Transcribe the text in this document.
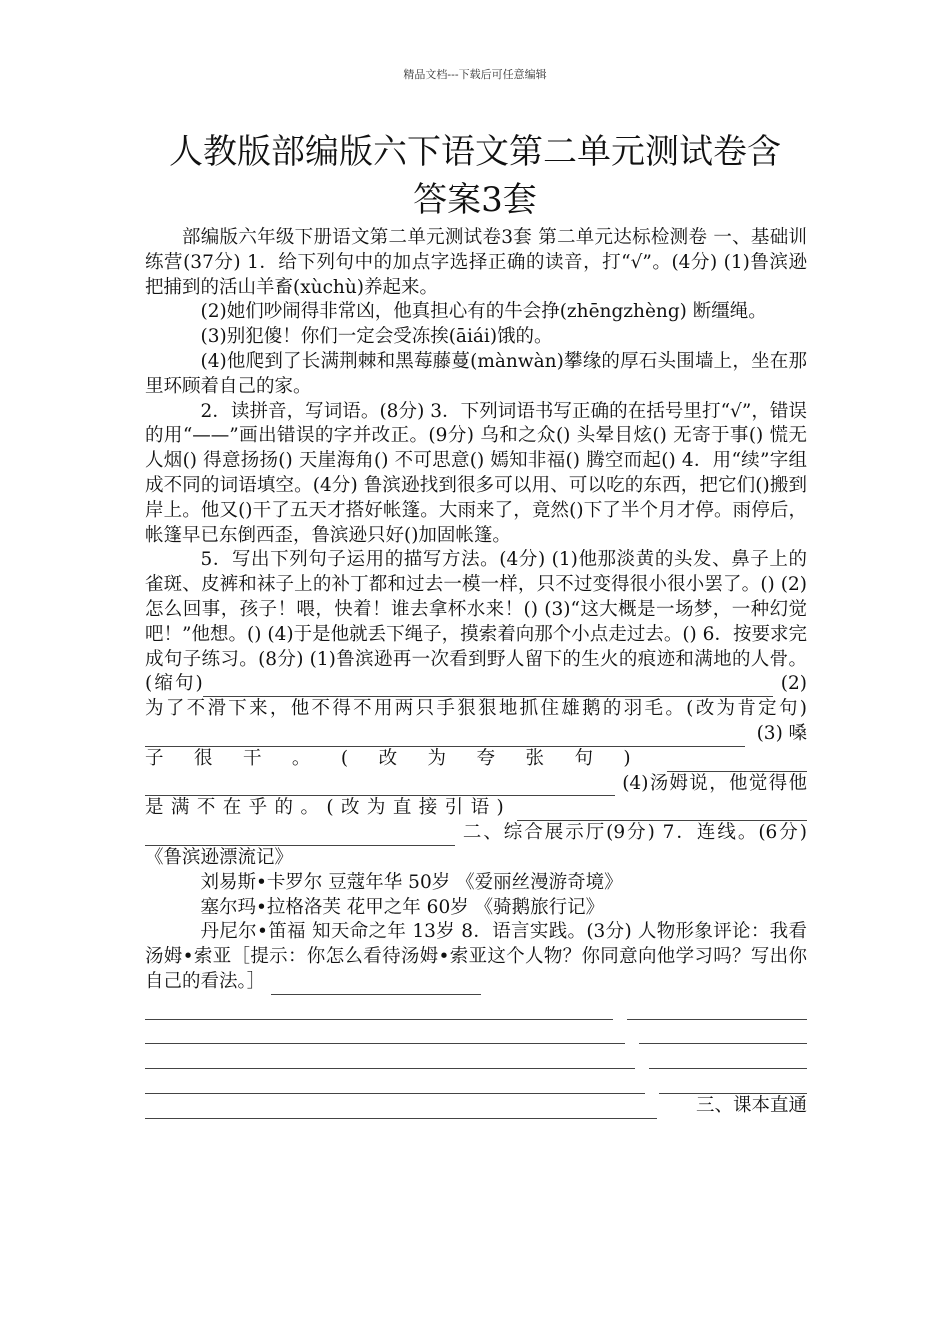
精品文档---下载后可任意编辑
人教版部编版六下语文第二单元测试卷含
答案3套

部编版六年级下册语文第二单元测试卷3套 第二单元达标检测卷 一、基础训练营(37分) 1．给下列句中的加点字选择正确的读音，打“√”。(4分) (1)鲁滨逊把捕到的活山羊畜(xùchù)养起来。

(2)她们吵闹得非常凶，他真担心有的牛会挣(zhēngzhèng) 断缰绳。

(3)别犯傻！你们一定会受冻挨(āiái)饿的。

(4)他爬到了长满荆棘和黑莓藤蔓(mànwàn)攀缘的厚石头围墙上，坐在那里环顾着自己的家。

2．读拼音，写词语。(8分) 3．下列词语书写正确的在括号里打“√”，错误的用“——”画出错误的字并改正。(9分) 乌和之众() 头晕目炫() 无寄于事() 慌无人烟() 得意扬扬() 天崖海角() 不可思意() 嫣知非福() 腾空而起() 4．用“续”字组成不同的词语填空。(4分) 鲁滨逊找到很多可以用、可以吃的东西，把它们()搬到岸上。他又()干了五天才搭好帐篷。大雨来了，竟然()下了半个月才停。雨停后，帐篷早已东倒西歪，鲁滨逊只好()加固帐篷。

5．写出下列句子运用的描写方法。(4分) (1)他那淡黄的头发、鼻子上的雀斑、皮裤和袜子上的补丁都和过去一模一样，只不过变得很小很小罢了。() (2)怎么回事，孩子！喂，快着！谁去拿杯水来！() (3)“这大概是一场梦，一种幻觉吧！”他想。() (4)于是他就丢下绳子，摸索着向那个小点走过去。() 6．按要求完成句子练习。(8分) (1)鲁滨逊再一次看到野人留下的生火的痕迹和满地的人骨。(缩句)	(2)为了不滑下来，他不得不用两只手狠狠地抓住雄鹅的羽毛。(改为肯定句)  (3)嗓子很干。(改为夸张句)  (4)汤姆说，他觉得他是满不在乎的。(改为直接引语)  二、综合展示厅(9分) 7．连线。(6分) 《鲁滨逊漂流记》

刘易斯•卡罗尔 豆蔻年华 50岁 《爱丽丝漫游奇境》

塞尔玛•拉格洛芙 花甲之年 60岁 《骑鹅旅行记》

丹尼尔•笛福 知天命之年 13岁 8．语言实践。(3分) 人物形象评论：我看汤姆•索亚［提示：你怎么看待汤姆•索亚这个人物？你同意向他学习吗？写出你自己的看法。］

三、课本直通
